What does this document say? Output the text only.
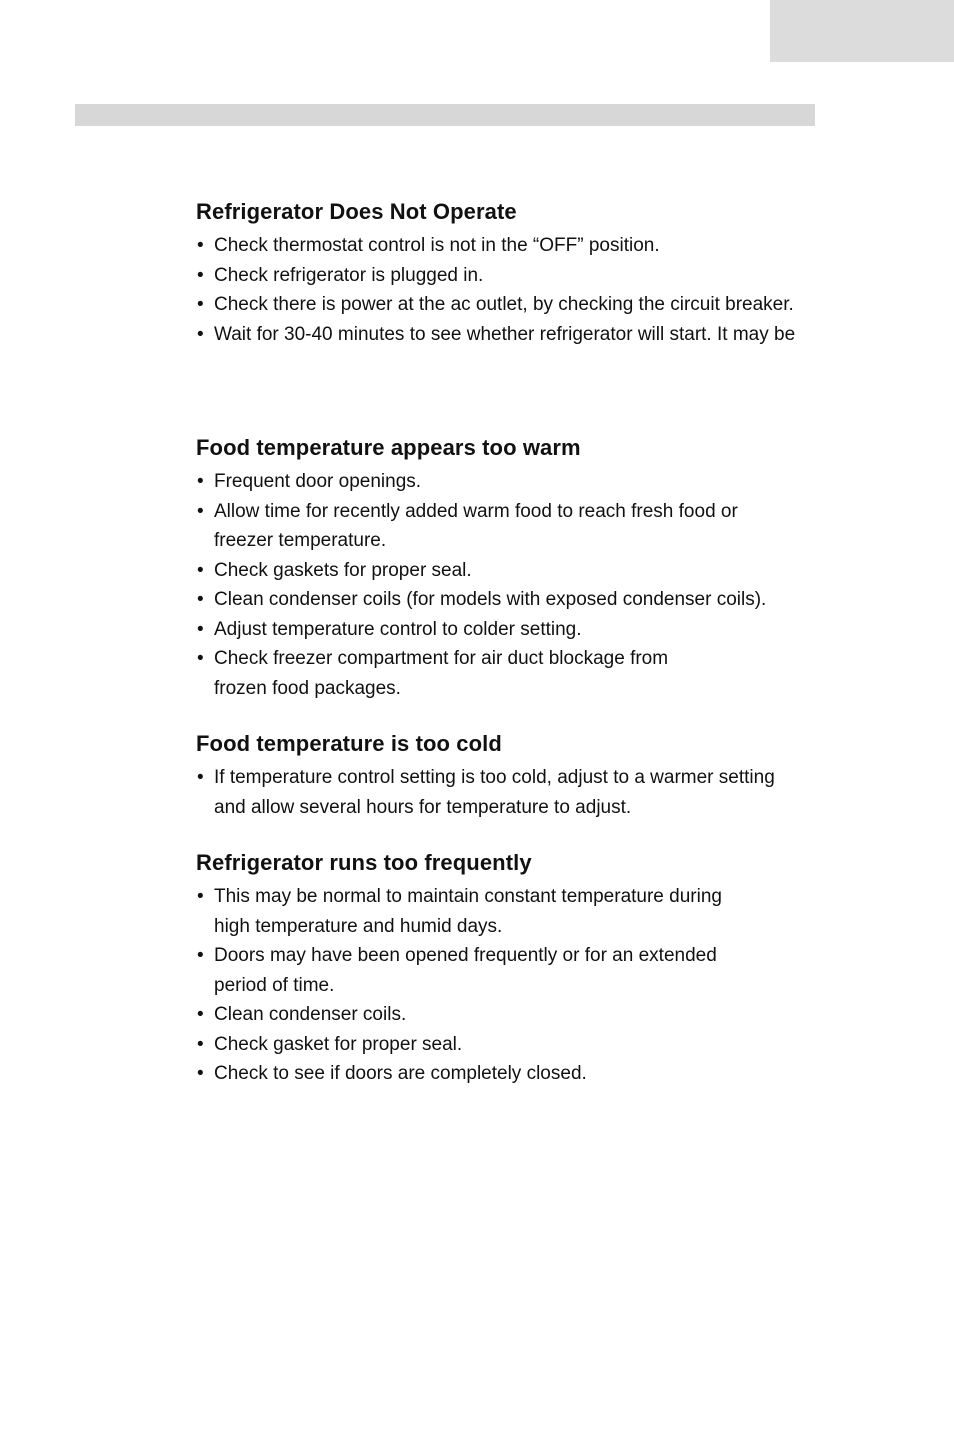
Refrigerator Does Not Operate
• Check thermostat control is not in the “OFF” position.
• Check refrigerator is plugged in.
• Check there is power at the ac outlet, by checking the circuit breaker.
• Wait for 30-40 minutes to see whether refrigerator will start. It may be
Food temperature appears too warm
• Frequent door openings.
• Allow time for recently added warm food to reach fresh food or
freezer temperature.
• Check gaskets for proper seal.
• Clean condenser coils (for models with exposed condenser coils).
• Adjust temperature control to colder setting.
• Check freezer compartment for air duct blockage from
frozen food packages.
Food temperature is too cold
• If temperature control setting is too cold, adjust to a warmer setting
and allow several hours for temperature to adjust.
Refrigerator runs too frequently
• This may be normal to maintain constant temperature during
high temperature and humid days.
• Doors may have been opened frequently or for an extended
period of time.
• Clean condenser coils.
• Check gasket for proper seal.
• Check to see if doors are completely closed.
